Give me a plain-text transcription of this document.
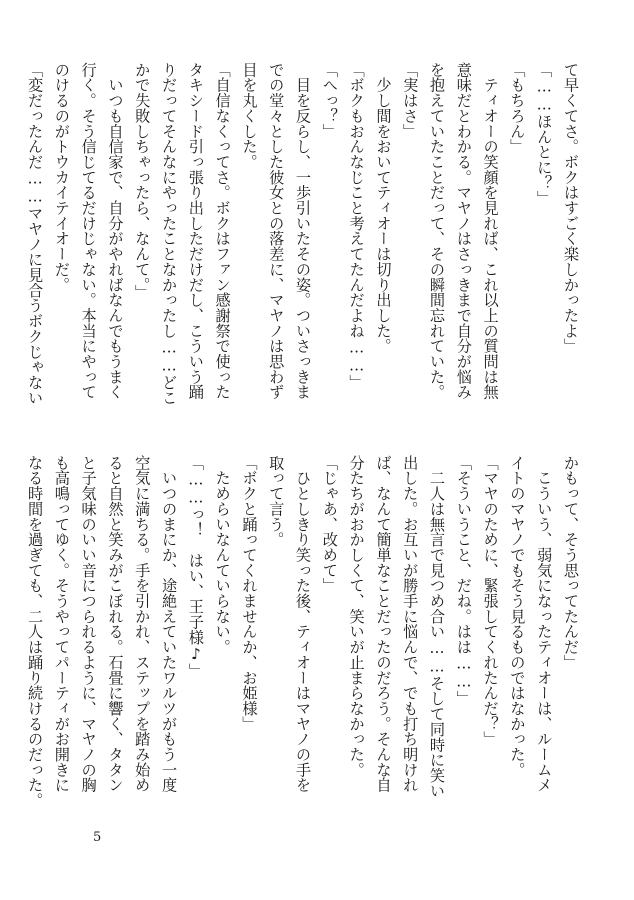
て早くてさ。ボクはすごく楽しかったよ」
「……ほんとに？」
「もちろん」
　ティオーの笑顔を見れば、これ以上の質問は無
意味だとわかる。マヤノはさっきまで自分が悩み
を抱えていたことだって、その瞬間忘れていた。
「実はさ」
　少し間をおいてティオーは切り出した。
「ボクもおんなじこと考えてたんだよね……」
「へっ？」
　目を反らし、一歩引いたその姿。ついさっきま
での堂々とした彼女との落差に、マヤノは思わず
目を丸くした。
「自信なくってさ。ボクはファン感謝祭で使った
タキシード引っ張り出しただけだし、こういう踊
りだってそんなにやったことなかったし……どこ
かで失敗しちゃったら、なんて。」
　いつも自信家で、自分がやればなんでもうまく
行く。そう信じてるだけじゃない。本当にやって
のけるのがトウカイテイオーだ。
「変だったんだ……マヤノに見合うボクじゃない
かもって、そう思ってたんだ」
　こういう、弱気になったティオーは、ルームメ
イトのマヤノでもそう見るものではなかった。
「マヤのために、緊張してくれたんだ？」
「そういうこと、だね。はは……」
　二人は無言で見つめ合い……そして同時に笑い
出した。お互いが勝手に悩んで、でも打ち明けれ
ば、なんて簡単なことだったのだろう。そんな自
分たちがおかしくて、笑いが止まらなかった。
「じゃあ、改めて」
　ひとしきり笑った後、ティオーはマヤノの手を
取って言う。
「ボクと踊ってくれませんか、お姫様」
　ためらいなんていらない。
「……っ！　はい、王子様♪」
　いつのまにか、途絶えていたワルツがもう一度
空気に満ちる。手を引かれ、ステップを踏み始め
ると自然と笑みがこぼれる。石畳に響く、タタン
と子気味のいい音につられるように、マヤノの胸
も高鳴ってゆく。そうやってパーティがお開きに
なる時間を過ぎても、二人は踊り続けるのだった。
5
